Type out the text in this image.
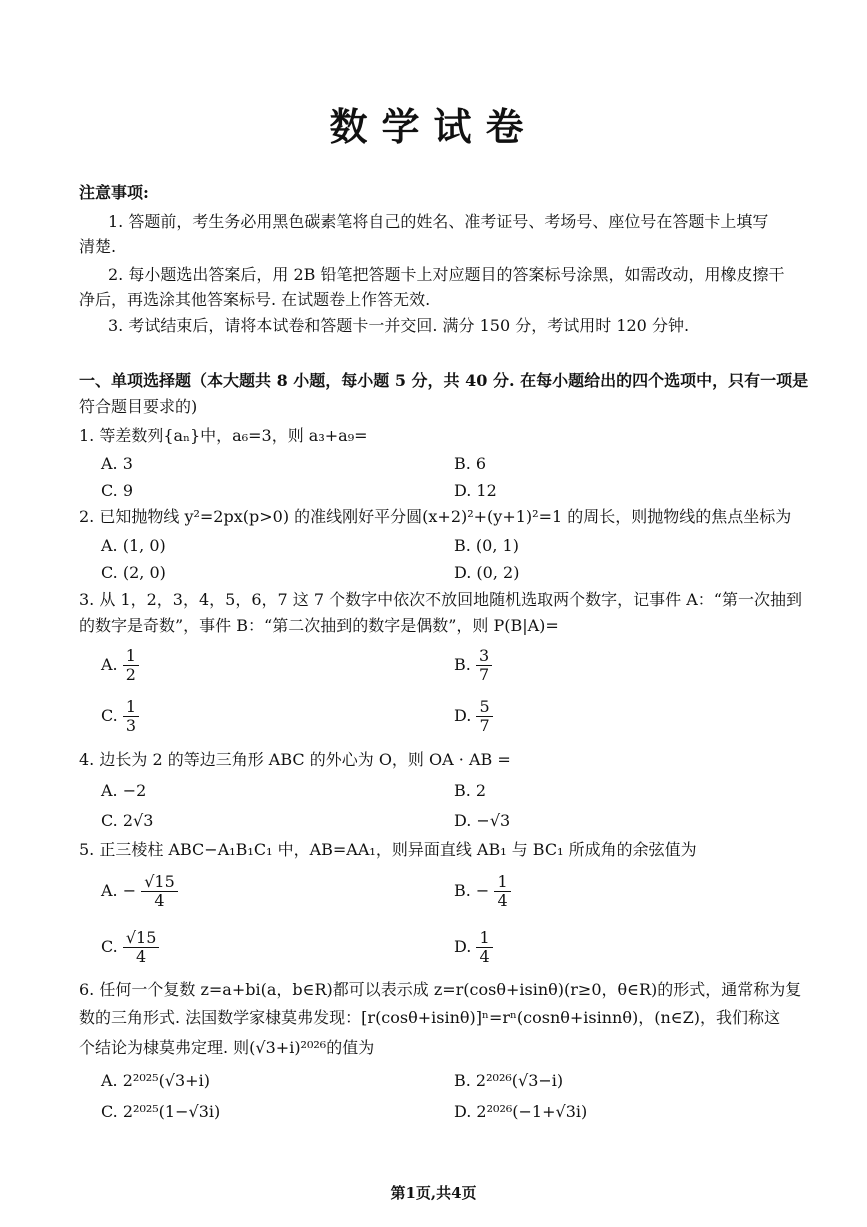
数学试卷
注意事项:
1. 答题前，考生务必用黑色碳素笔将自己的姓名、准考证号、考场号、座位号在答题卡上填写
清楚.
2. 每小题选出答案后，用 2B 铅笔把答题卡上对应题目的答案标号涂黑，如需改动，用橡皮擦干
净后，再选涂其他答案标号. 在试题卷上作答无效.
3. 考试结束后，请将本试卷和答题卡一并交回. 满分 150 分，考试用时 120 分钟.
一、单项选择题（本大题共 8 小题，每小题 5 分，共 40 分. 在每小题给出的四个选项中，只有一项是
符合题目要求的)
1. 等差数列{aₙ}中，a₆=3，则 a₃+a₉=
A. 3	B. 6
C. 9	D. 12
2. 已知抛物线 y²=2px(p>0) 的准线刚好平分圆(x+2)²+(y+1)²=1 的周长，则抛物线的焦点坐标为
A. (1, 0)	B. (0, 1)
C. (2, 0)	D. (0, 2)
3. 从 1，2，3，4，5，6，7 这 7 个数字中依次不放回地随机选取两个数字，记事件 A：“第一次抽到
的数字是奇数”，事件 B：“第二次抽到的数字是偶数”，则 P(B|A)=
A. $\frac{1}{2}$	B. $\frac{3}{7}$
C. $\frac{1}{3}$	D. $\frac{5}{7}$
4. 边长为 2 的等边三角形 ABC 的外心为 O，则 OA · AB =
A. −2	B. 2
C. 2√3	D. −√3
5. 正三棱柱 ABC−A₁B₁C₁ 中，AB=AA₁，则异面直线 AB₁ 与 BC₁ 所成角的余弦值为
A. − $\frac{√15}{4}$	B. − $\frac{1}{4}$
C. $\frac{√15}{4}$	D. $\frac{1}{4}$
6. 任何一个复数 z=a+bi(a，b∈R)都可以表示成 z=r(cosθ+isinθ)(r≥0，θ∈R)的形式，通常称为复
数的三角形式. 法国数学家棣莫弗发现：[r(cosθ+isinθ)]ⁿ=rⁿ(cosnθ+isinnθ)，(n∈Z)，我们称这
个结论为棣莫弗定理. 则(√3+i)²⁰²⁶的值为
A. 2²⁰²⁵(√3+i)	B. 2²⁰²⁶(√3−i)
C. 2²⁰²⁵(1−√3i)	D. 2²⁰²⁶(−1+√3i)
第1页,共4页
